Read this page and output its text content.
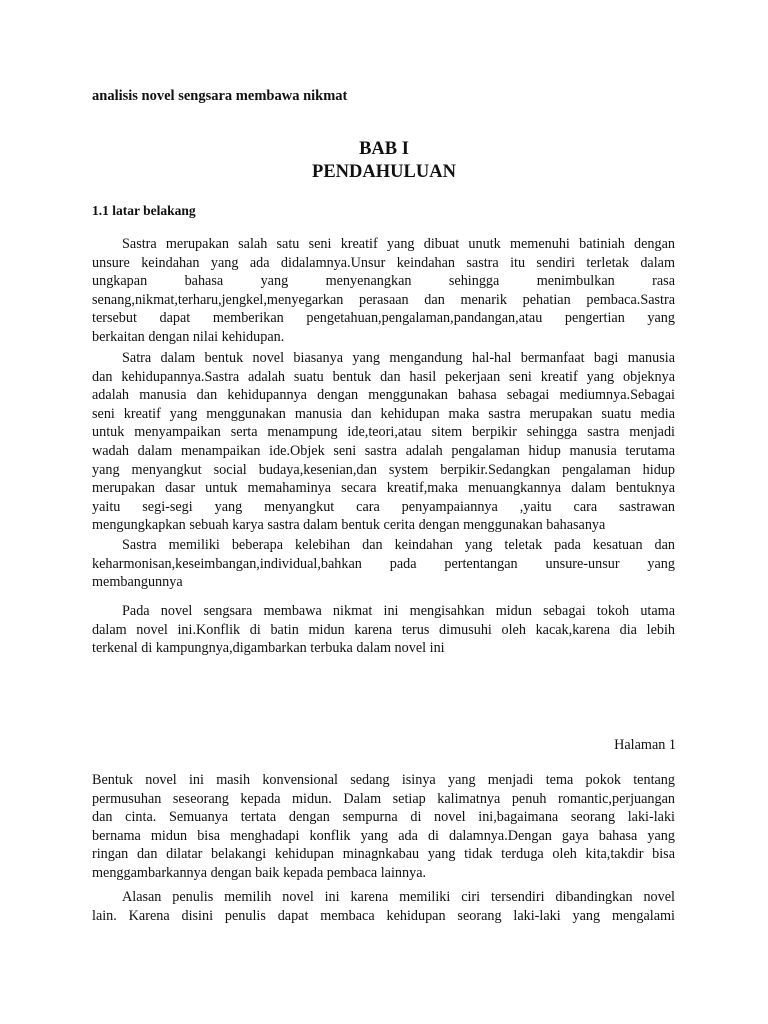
analisis novel sengsara membawa nikmat
BAB I
PENDAHULUAN
1.1 latar belakang
Sastra merupakan salah satu seni kreatif yang dibuat unutk memenuhi batiniah dengan
unsure keindahan yang ada didalamnya.Unsur keindahan sastra itu sendiri terletak dalam
ungkapan bahasa yang menyenangkan sehingga menimbulkan rasa
senang,nikmat,terharu,jengkel,menyegarkan perasaan dan menarik pehatian pembaca.Sastra
tersebut dapat memberikan pengetahuan,pengalaman,pandangan,atau pengertian yang
berkaitan dengan nilai kehidupan.
Satra dalam bentuk novel biasanya yang mengandung hal-hal bermanfaat bagi manusia
dan kehidupannya.Sastra adalah suatu bentuk dan hasil pekerjaan seni kreatif yang objeknya
adalah manusia dan kehidupannya dengan menggunakan bahasa sebagai mediumnya.Sebagai
seni kreatif yang menggunakan manusia dan kehidupan maka sastra merupakan suatu media
untuk menyampaikan serta menampung ide,teori,atau sitem berpikir sehingga sastra menjadi
wadah dalam menampaikan ide.Objek seni sastra adalah pengalaman hidup manusia terutama
yang menyangkut social budaya,kesenian,dan system berpikir.Sedangkan pengalaman hidup
merupakan dasar untuk memahaminya secara kreatif,maka menuangkannya dalam bentuknya
yaitu segi-segi yang menyangkut cara penyampaiannya ,yaitu cara sastrawan
mengungkapkan sebuah karya sastra dalam bentuk cerita dengan menggunakan bahasanya
Sastra memiliki beberapa kelebihan dan keindahan yang teletak pada kesatuan dan
keharmonisan,keseimbangan,individual,bahkan pada pertentangan unsure-unsur yang
membangunnya
Pada novel sengsara membawa nikmat ini mengisahkan midun sebagai tokoh utama
dalam novel ini.Konflik di batin midun karena terus dimusuhi oleh kacak,karena dia lebih
terkenal di kampungnya,digambarkan terbuka dalam novel ini
Halaman 1
Bentuk novel ini masih konvensional sedang isinya yang menjadi tema pokok tentang
permusuhan seseorang kepada midun. Dalam setiap kalimatnya penuh romantic,perjuangan
dan cinta. Semuanya tertata dengan sempurna di novel ini,bagaimana seorang laki-laki
bernama midun bisa menghadapi konflik yang ada di dalamnya.Dengan gaya bahasa yang
ringan dan dilatar belakangi kehidupan minagnkabau yang tidak terduga oleh kita,takdir bisa
menggambarkannya dengan baik kepada pembaca lainnya.
Alasan penulis memilih novel ini karena memiliki ciri tersendiri dibandingkan novel
lain. Karena disini penulis dapat membaca kehidupan seorang laki-laki yang mengalami
